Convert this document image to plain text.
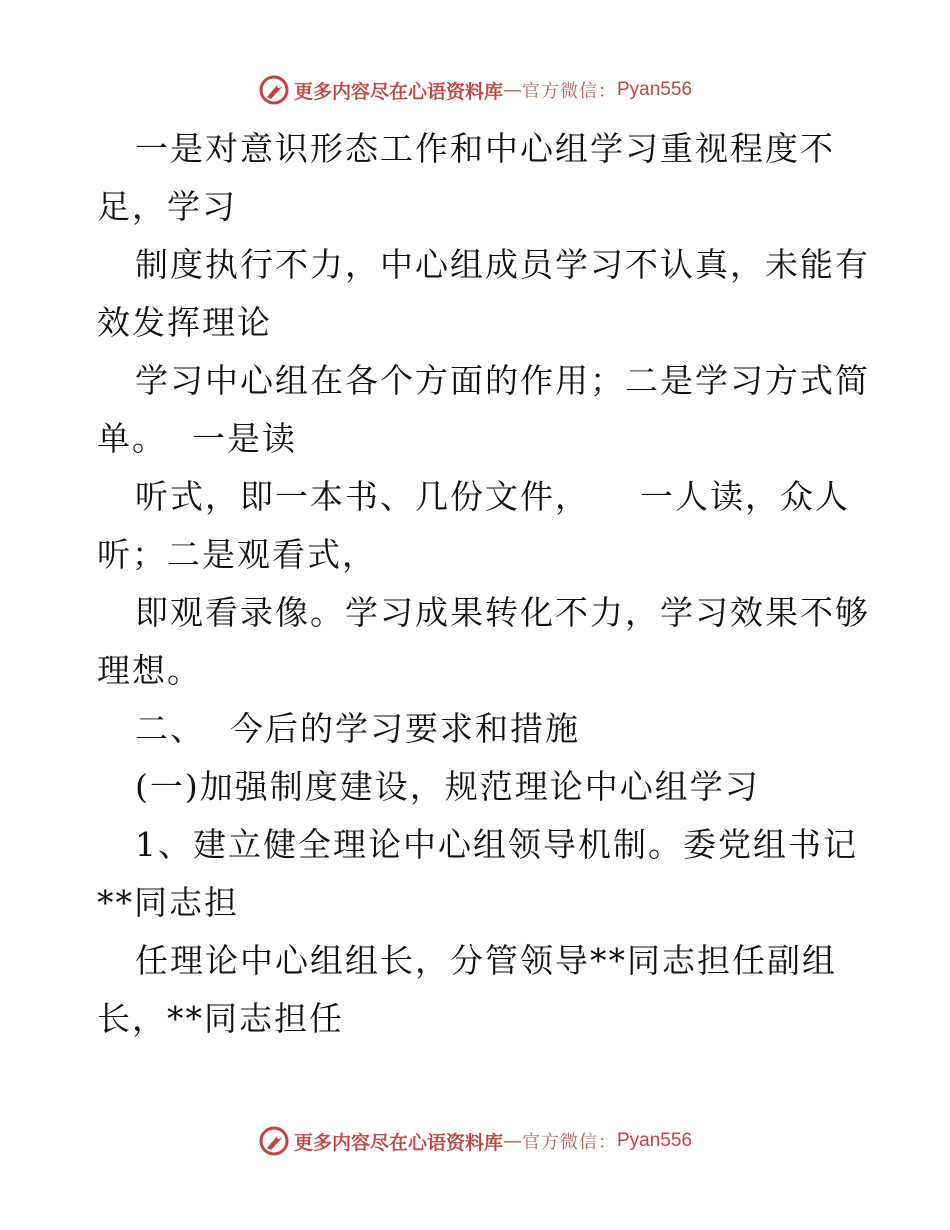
更多内容尽在心语资料库 — 官方微信： Pyan556
一是对意识形态工作和中心组学习重视程度不
足，学习
制度执行不力，中心组成员学习不认真，未能有
效发挥理论
学习中心组在各个方面的作用；二是学习方式简
单。  一是读
听式，即一本书、几份文件，    一人读，众人
听；二是观看式，
即观看录像。学习成果转化不力，学习效果不够
理想。
二、  今后的学习要求和措施
(一)加强制度建设，规范理论中心组学习
1、建立健全理论中心组领导机制。委党组书记
**同志担
任理论中心组组长，分管领导**同志担任副组
长，**同志担任
更多内容尽在心语资料库 — 官方微信： Pyan556
